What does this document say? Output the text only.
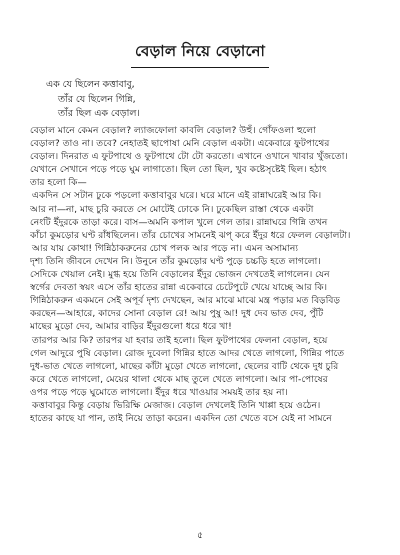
বেড়াল নিয়ে বেড়ানো
এক যে ছিলেন কত্তাবাবু,
তাঁর যে ছিলেন গিন্নি,
তাঁর ছিল এক বেড়াল।
বেড়াল মানে কেমন বেড়াল? ল্যাজফোলা কাবলি বেড়াল? উহুঁ। গোঁফওলা হুলো
বেড়াল? তাও না। তবে? নেহাতই ছাপোষা মেনি বেড়াল একটা। একেবারে ফুটপাথের
বেড়াল। দিনরাত এ ফুটপাথে ও ফুটপাথে টো টো করতো। এখানে ওখানে খাবার খুঁজতো।
যেখানে সেখানে পড়ে পড়ে ঘুম লাগাতো। ছিল তো ছিল, খুব কষ্টেসৃষ্টেই ছিল। হঠাৎ
তার হলো কি—
একদিন সে সটান ঢুকে পড়লো কত্তাবাবুর ঘরে। ঘরে মানে এই রান্নাঘরেই আর কি।
আর না—না, মাছ চুরি করতে সে মোটেই ঢোকে নি। ঢুকেছিল রাস্তা থেকে একটা
নেংটি ইঁদুরকে তাড়া করে। বাস—অমনি কপাল খুলে গেল তার। রান্নাঘরে গিন্নি তখন
কাঁচা কুমড়োর ঘণ্ট রাঁধছিলেন। তাঁর চোখের সামনেই ঝপ্ করে ইঁদুর ধরে ফেলল বেড়ালটা।
আর যায় কোথা! গিন্নিঠাকরুনের চোখ পলক আর পড়ে না। এমন অসামান্য
দৃশ্য তিনি জীবনে দেখেন নি। উনুনে তাঁর কুমড়োর ঘণ্ট পুড়ে চচ্চড়ি হতে লাগলো।
সেদিকে খেয়াল নেই। মুগ্ধ হয়ে তিনি বেড়ালের ইঁদুর ভোজন দেখতেই লাগলেন। যেন
স্বর্গের দেবতা স্বয়ং এসে তাঁর হাতের রান্না একেবারে চেটেপুটে খেয়ে যাচ্ছে আর কি।
গিন্নিঠাকরুন একমনে সেই অপূর্ব দৃশ্য দেখছেন, আর মাঝে মাঝে মন্ত্র পড়ার মত বিড়বিড়
করছেন—আহারে, কাদের সোনা বেড়াল রে! আয় পুষু আ! দুধ দেব ভাত দেব, পুঁটি
মাছের মুড়ো দেব, আমার বাড়ির ইঁদুরগুলো ধরে ধরে খা!
তারপর আর কি? তারপর যা হবার তাই হলো। ছিল ফুটপাথের ফেলনা বেড়াল, হয়ে
গেল আদুরে পুষি বেড়াল। রোজ দুবেলা গিন্নির হাতে আদর খেতে লাগলো, গিন্নির পাতে
দুধ-ভাত খেতে লাগলো, মাছের কাঁটা মুড়ো খেতে লাগলো, ছেলের বাটি থেকে দুধ চুরি
করে খেতে লাগলো, মেয়ের থালা থেকে মাছ তুলে খেতে লাগলো। আর পা-পোষের
ওপর পড়ে পড়ে ঘুমোতে লাগলো। ইঁদুর ধরে খাওয়ার সময়ই তার হয় না।
কত্তাবাবুর কিন্তু বেড়ায় ভিরিক্ষি মেজাজ। বেড়াল দেখলেই তিনি খাপ্পা হয়ে ওঠেন।
হাতের কাছে যা পান, তাই নিয়ে তাড়া করেন। একদিন তো খেতে বসে যেই না সামনে
৫
